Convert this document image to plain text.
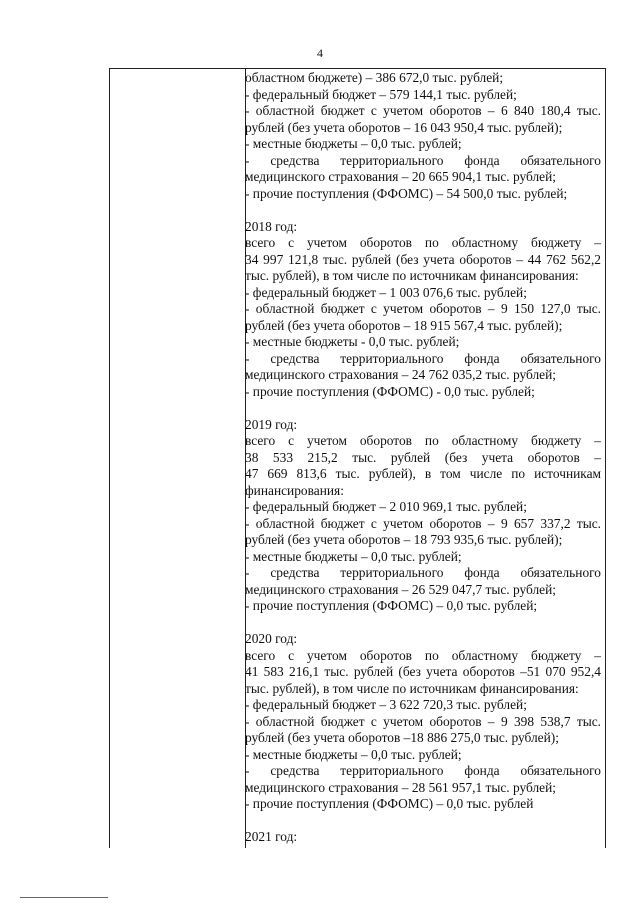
4
областном бюджете) – 386 672,0 тыс. рублей;
- федеральный бюджет – 579 144,1 тыс. рублей;
- областной бюджет с учетом оборотов – 6 840 180,4 тыс.
рублей (без учета оборотов – 16 043 950,4 тыс. рублей);
- местные бюджеты – 0,0 тыс. рублей;
- средства территориального фонда обязательного
медицинского страхования – 20 665 904,1 тыс. рублей;
- прочие поступления (ФФОМС) – 54 500,0 тыс. рублей;
2018 год:
всего с учетом оборотов по областному бюджету –
34 997 121,8 тыс. рублей (без учета оборотов – 44 762 562,2
тыс. рублей), в том числе по источникам финансирования:
- федеральный бюджет – 1 003 076,6 тыс. рублей;
- областной бюджет с учетом оборотов – 9 150 127,0 тыс.
рублей (без учета оборотов – 18 915 567,4 тыс. рублей);
- местные бюджеты - 0,0 тыс. рублей;
- средства территориального фонда обязательного
медицинского страхования – 24 762 035,2 тыс. рублей;
- прочие поступления (ФФОМС) - 0,0 тыс. рублей;
2019 год:
всего с учетом оборотов по областному бюджету –
38 533 215,2 тыс. рублей (без учета оборотов –
47 669 813,6 тыс. рублей), в том числе по источникам
финансирования:
- федеральный бюджет – 2 010 969,1 тыс. рублей;
- областной бюджет с учетом оборотов – 9 657 337,2 тыс.
рублей (без учета оборотов – 18 793 935,6 тыс. рублей);
- местные бюджеты – 0,0 тыс. рублей;
- средства территориального фонда обязательного
медицинского страхования – 26 529 047,7 тыс. рублей;
- прочие поступления (ФФОМС) – 0,0 тыс. рублей;
2020 год:
всего с учетом оборотов по областному бюджету –
41 583 216,1 тыс. рублей (без учета оборотов –51 070 952,4
тыс. рублей), в том числе по источникам финансирования:
- федеральный бюджет – 3 622 720,3 тыс. рублей;
- областной бюджет с учетом оборотов – 9 398 538,7 тыс.
рублей (без учета оборотов –18 886 275,0 тыс. рублей);
- местные бюджеты – 0,0 тыс. рублей;
- средства территориального фонда обязательного
медицинского страхования – 28 561 957,1 тыс. рублей;
- прочие поступления (ФФОМС) – 0,0 тыс. рублей
2021 год:
